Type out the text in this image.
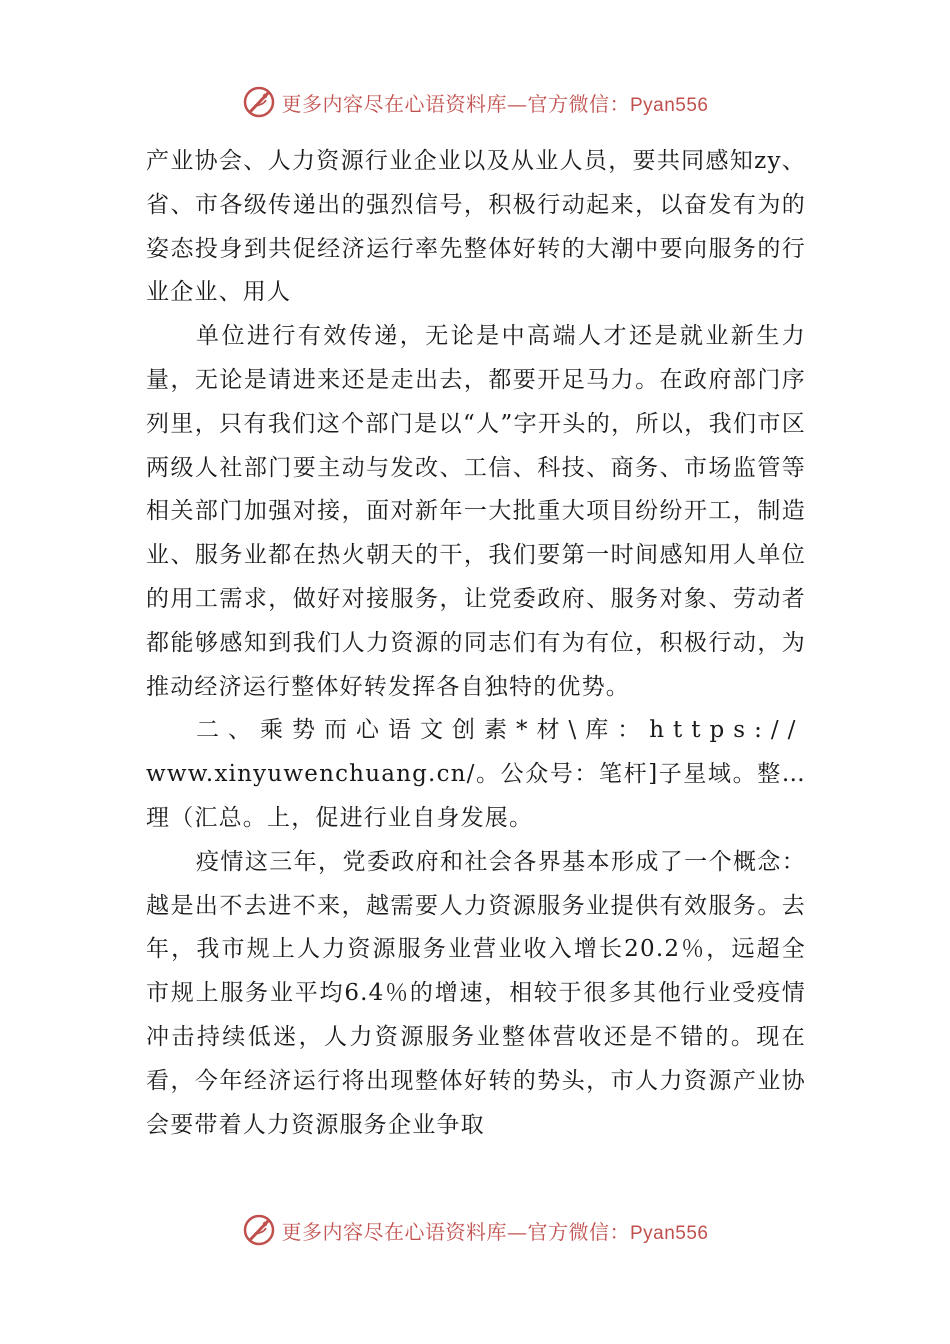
更多内容尽在心语资料库—官方微信：Pyan556

产业协会、人力资源行业企业以及从业人员，要共同感知zy、省、市各级传递出的强烈信号，积极行动起来，以奋发有为的姿态投身到共促经济运行率先整体好转的大潮中要向服务的行业企业、用人

单位进行有效传递，无论是中高端人才还是就业新生力量，无论是请进来还是走出去，都要开足马力。在政府部门序列里，只有我们这个部门是以“人”字开头的，所以，我们市区两级人社部门要主动与发改、工信、科技、商务、市场监管等相关部门加强对接，面对新年一大批重大项目纷纷开工，制造业、服务业都在热火朝天的干，我们要第一时间感知用人单位的用工需求，做好对接服务，让党委政府、服务对象、劳动者都能够感知到我们人力资源的同志们有为有位，积极行动，为推动经济运行整体好转发挥各自独特的优势。

二、乘势而心语文创素*材\库：https://

www.xinyuwenchuang.cn/。公众号：笔杆]子星域。整…理（汇总。上，促进行业自身发展。

疫情这三年，党委政府和社会各界基本形成了一个概念：越是出不去进不来，越需要人力资源服务业提供有效服务。去年，我市规上人力资源服务业营业收入增长20.2％，远超全市规上服务业平均6.4％的增速，相较于很多其他行业受疫情冲击持续低迷，人力资源服务业整体营收还是不错的。现在看，今年经济运行将出现整体好转的势头，市人力资源产业协会要带着人力资源服务企业争取

更多内容尽在心语资料库—官方微信：Pyan556
